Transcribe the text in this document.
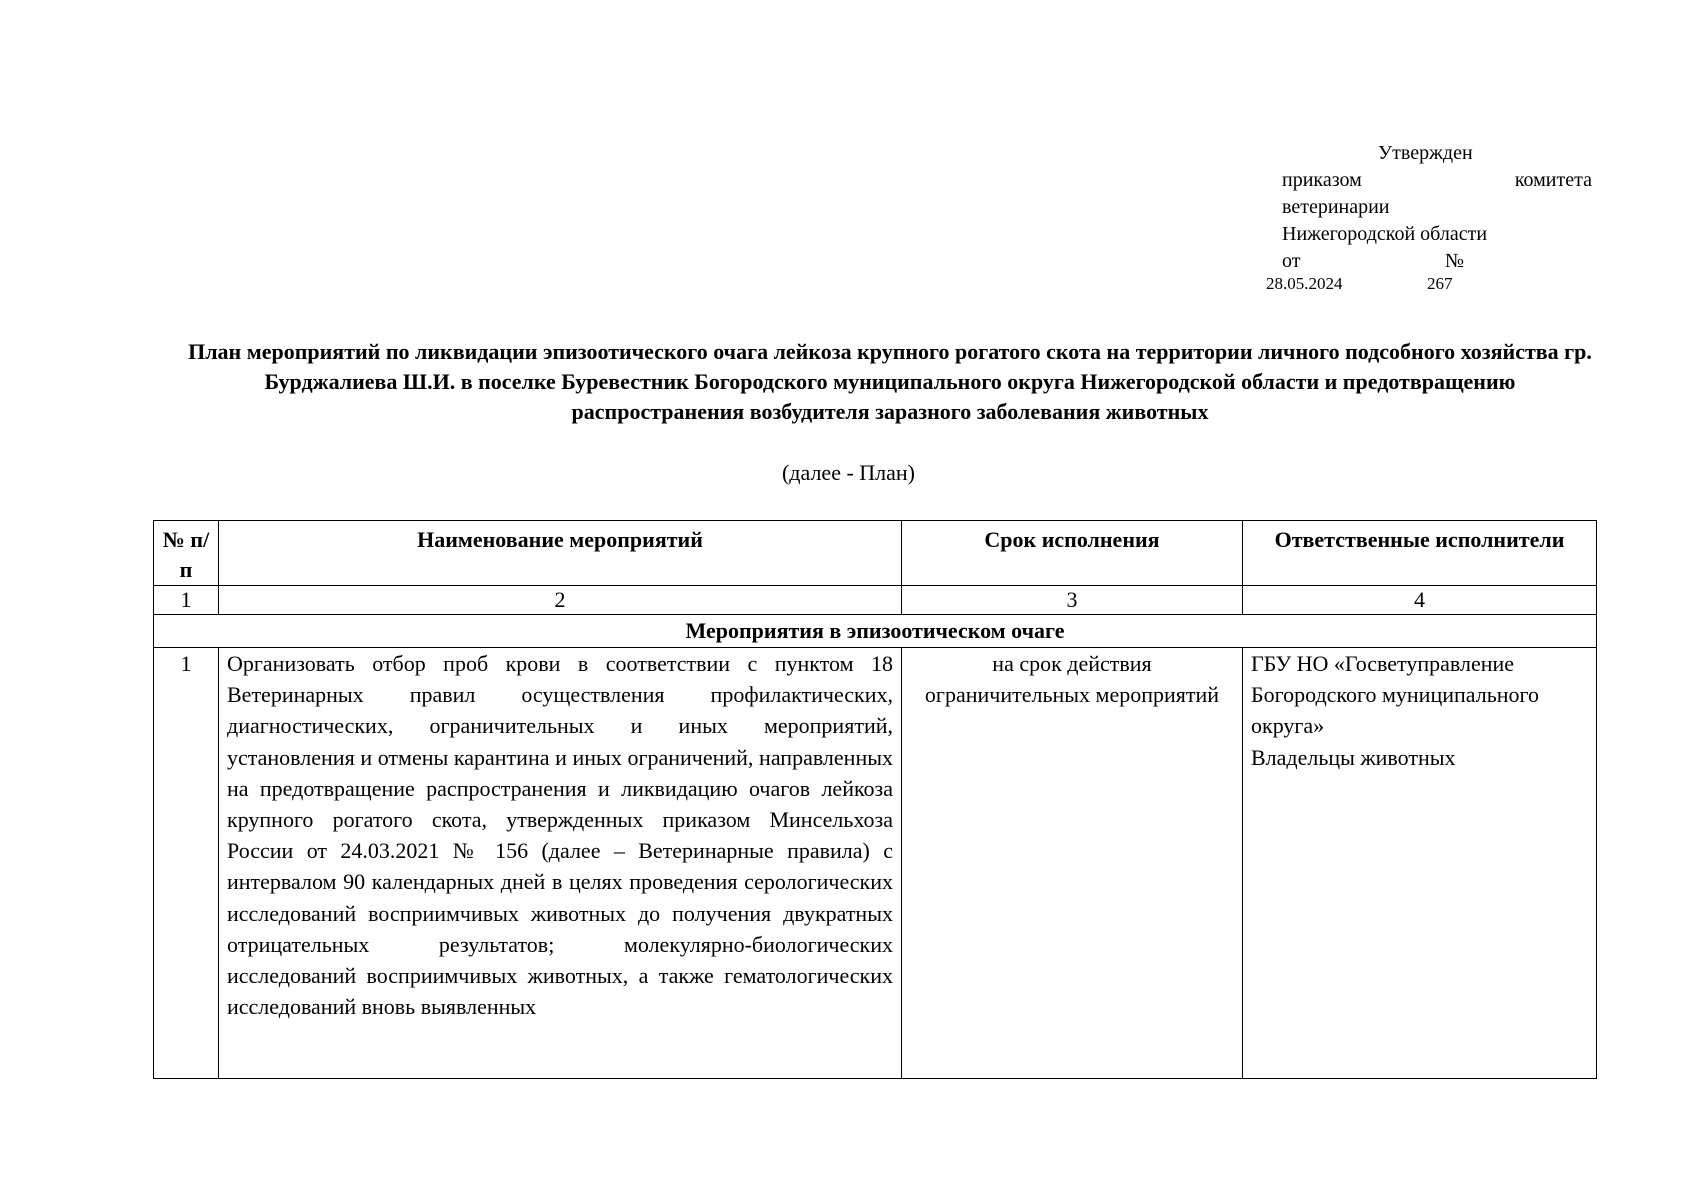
Утвержден
приказом	комитета
ветеринарии
Нижегородской области
от	№
28.05.2024	267
План мероприятий по ликвидации эпизоотического очага лейкоза крупного рогатого скота на территории личного подсобного хозяйства гр. Бурджалиева Ш.И. в поселке Буревестник Богородского муниципального округа Нижегородской области и предотвращению распространения возбудителя заразного заболевания животных
(далее - План)
№ п/п	Наименование мероприятий	Срок исполнения	Ответственные исполнители
1	2	3	4
Мероприятия в эпизоотическом очаге			
1	Организовать отбор проб крови в соответствии с пунктом 18 Ветеринарных правил осуществления профилактических, диагностических, ограничительных и иных мероприятий, установления и отмены карантина и иных ограничений, направленных на предотвращение распространения и ликвидацию очагов лейкоза крупного рогатого скота, утвержденных приказом Минсельхоза России от 24.03.2021 № 156 (далее – Ветеринарные правила) с интервалом 90 календарных дней в целях проведения серологических исследований восприимчивых животных до получения двукратных отрицательных результатов; молекулярно-биологических исследований восприимчивых животных, а также гематологических исследований вновь выявленных	на срок действия ограничительных мероприятий	ГБУ НО «Госветуправление Богородского муниципального округа»
Владельцы животных
